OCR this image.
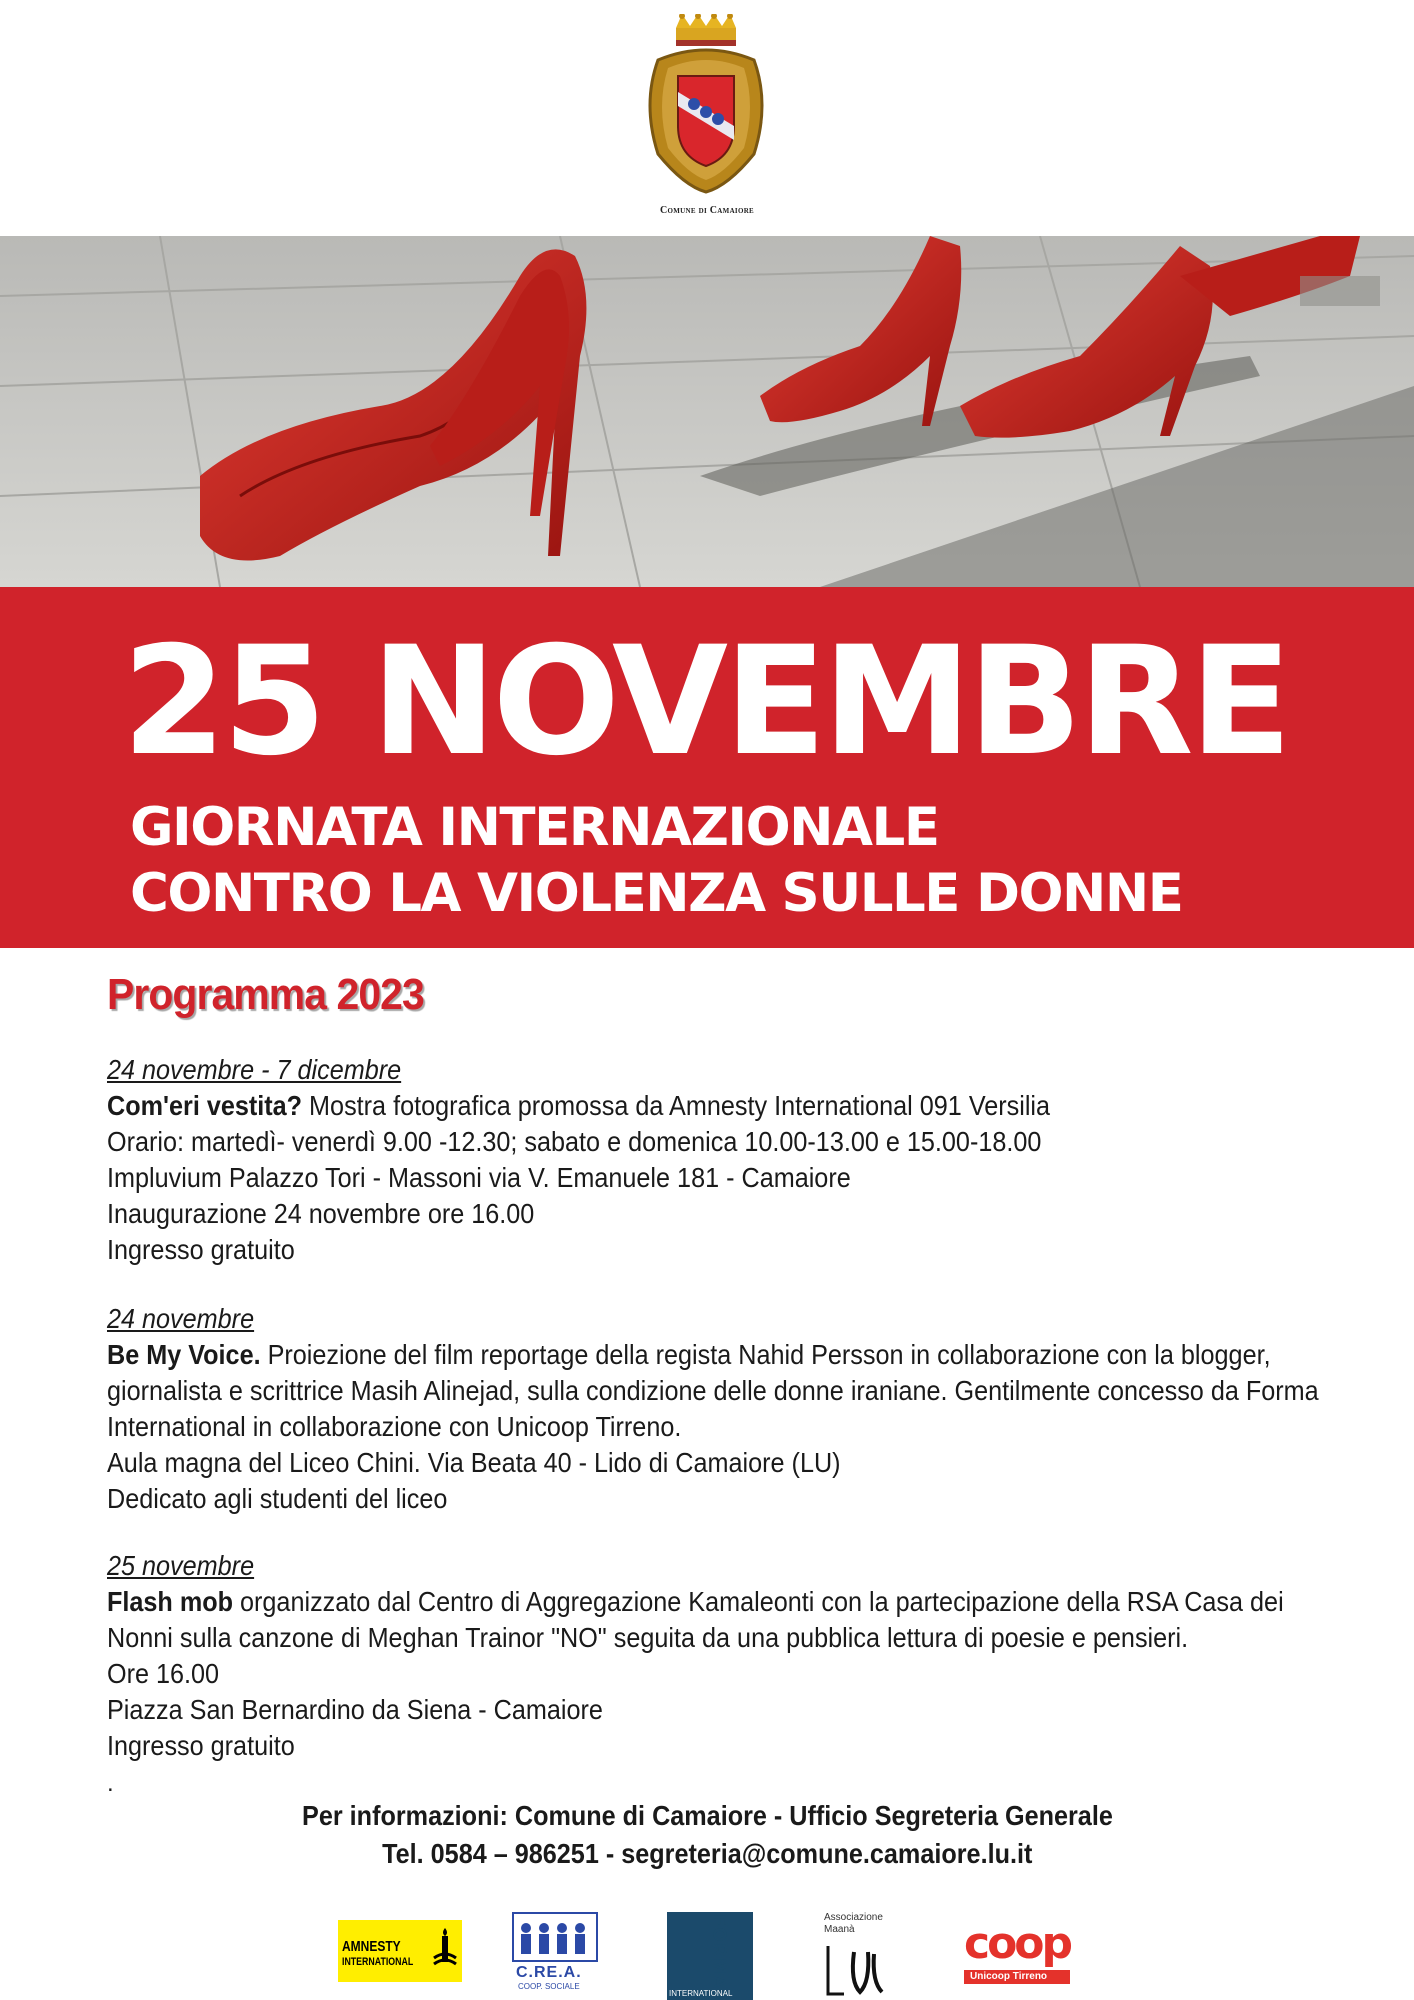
Comune di Camaiore
25 NOVEMBRE
GIORNATA INTERNAZIONALE
CONTRO LA VIOLENZA SULLE DONNE
Programma 2023
24 novembre - 7 dicembre
Com'eri vestita? Mostra fotografica promossa da Amnesty International 091 Versilia
Orario: martedì- venerdì 9.00 -12.30; sabato e domenica 10.00-13.00 e 15.00-18.00
Impluvium Palazzo Tori - Massoni via V. Emanuele 181 - Camaiore
Inaugurazione 24 novembre ore 16.00
Ingresso gratuito
24 novembre
Be My Voice. Proiezione del film reportage della regista Nahid Persson in collaborazione con la blogger,
giornalista e scrittrice Masih Alinejad, sulla condizione delle donne iraniane. Gentilmente concesso da Forma
International in collaborazione con Unicoop Tirreno.
Aula magna del Liceo Chini. Via Beata 40 - Lido di Camaiore (LU)
Dedicato agli studenti del liceo
25 novembre
Flash mob organizzato dal Centro di Aggregazione Kamaleonti con la partecipazione della RSA Casa dei
Nonni sulla canzone di Meghan Trainor "NO" seguita da una pubblica lettura di poesie e pensieri.
Ore 16.00
Piazza San Bernardino da Siena - Camaiore
Ingresso gratuito
.
Per informazioni: Comune di Camaiore - Ufficio Segreteria Generale
Tel. 0584 – 986251 - segreteria@comune.camaiore.lu.it
AMNESTY
INTERNATIONAL
C.RE.A.
COOP. SOCIALE	FORMA
INTERNATIONAL
Associazione
Maanà coop
Unicoop Tirreno
